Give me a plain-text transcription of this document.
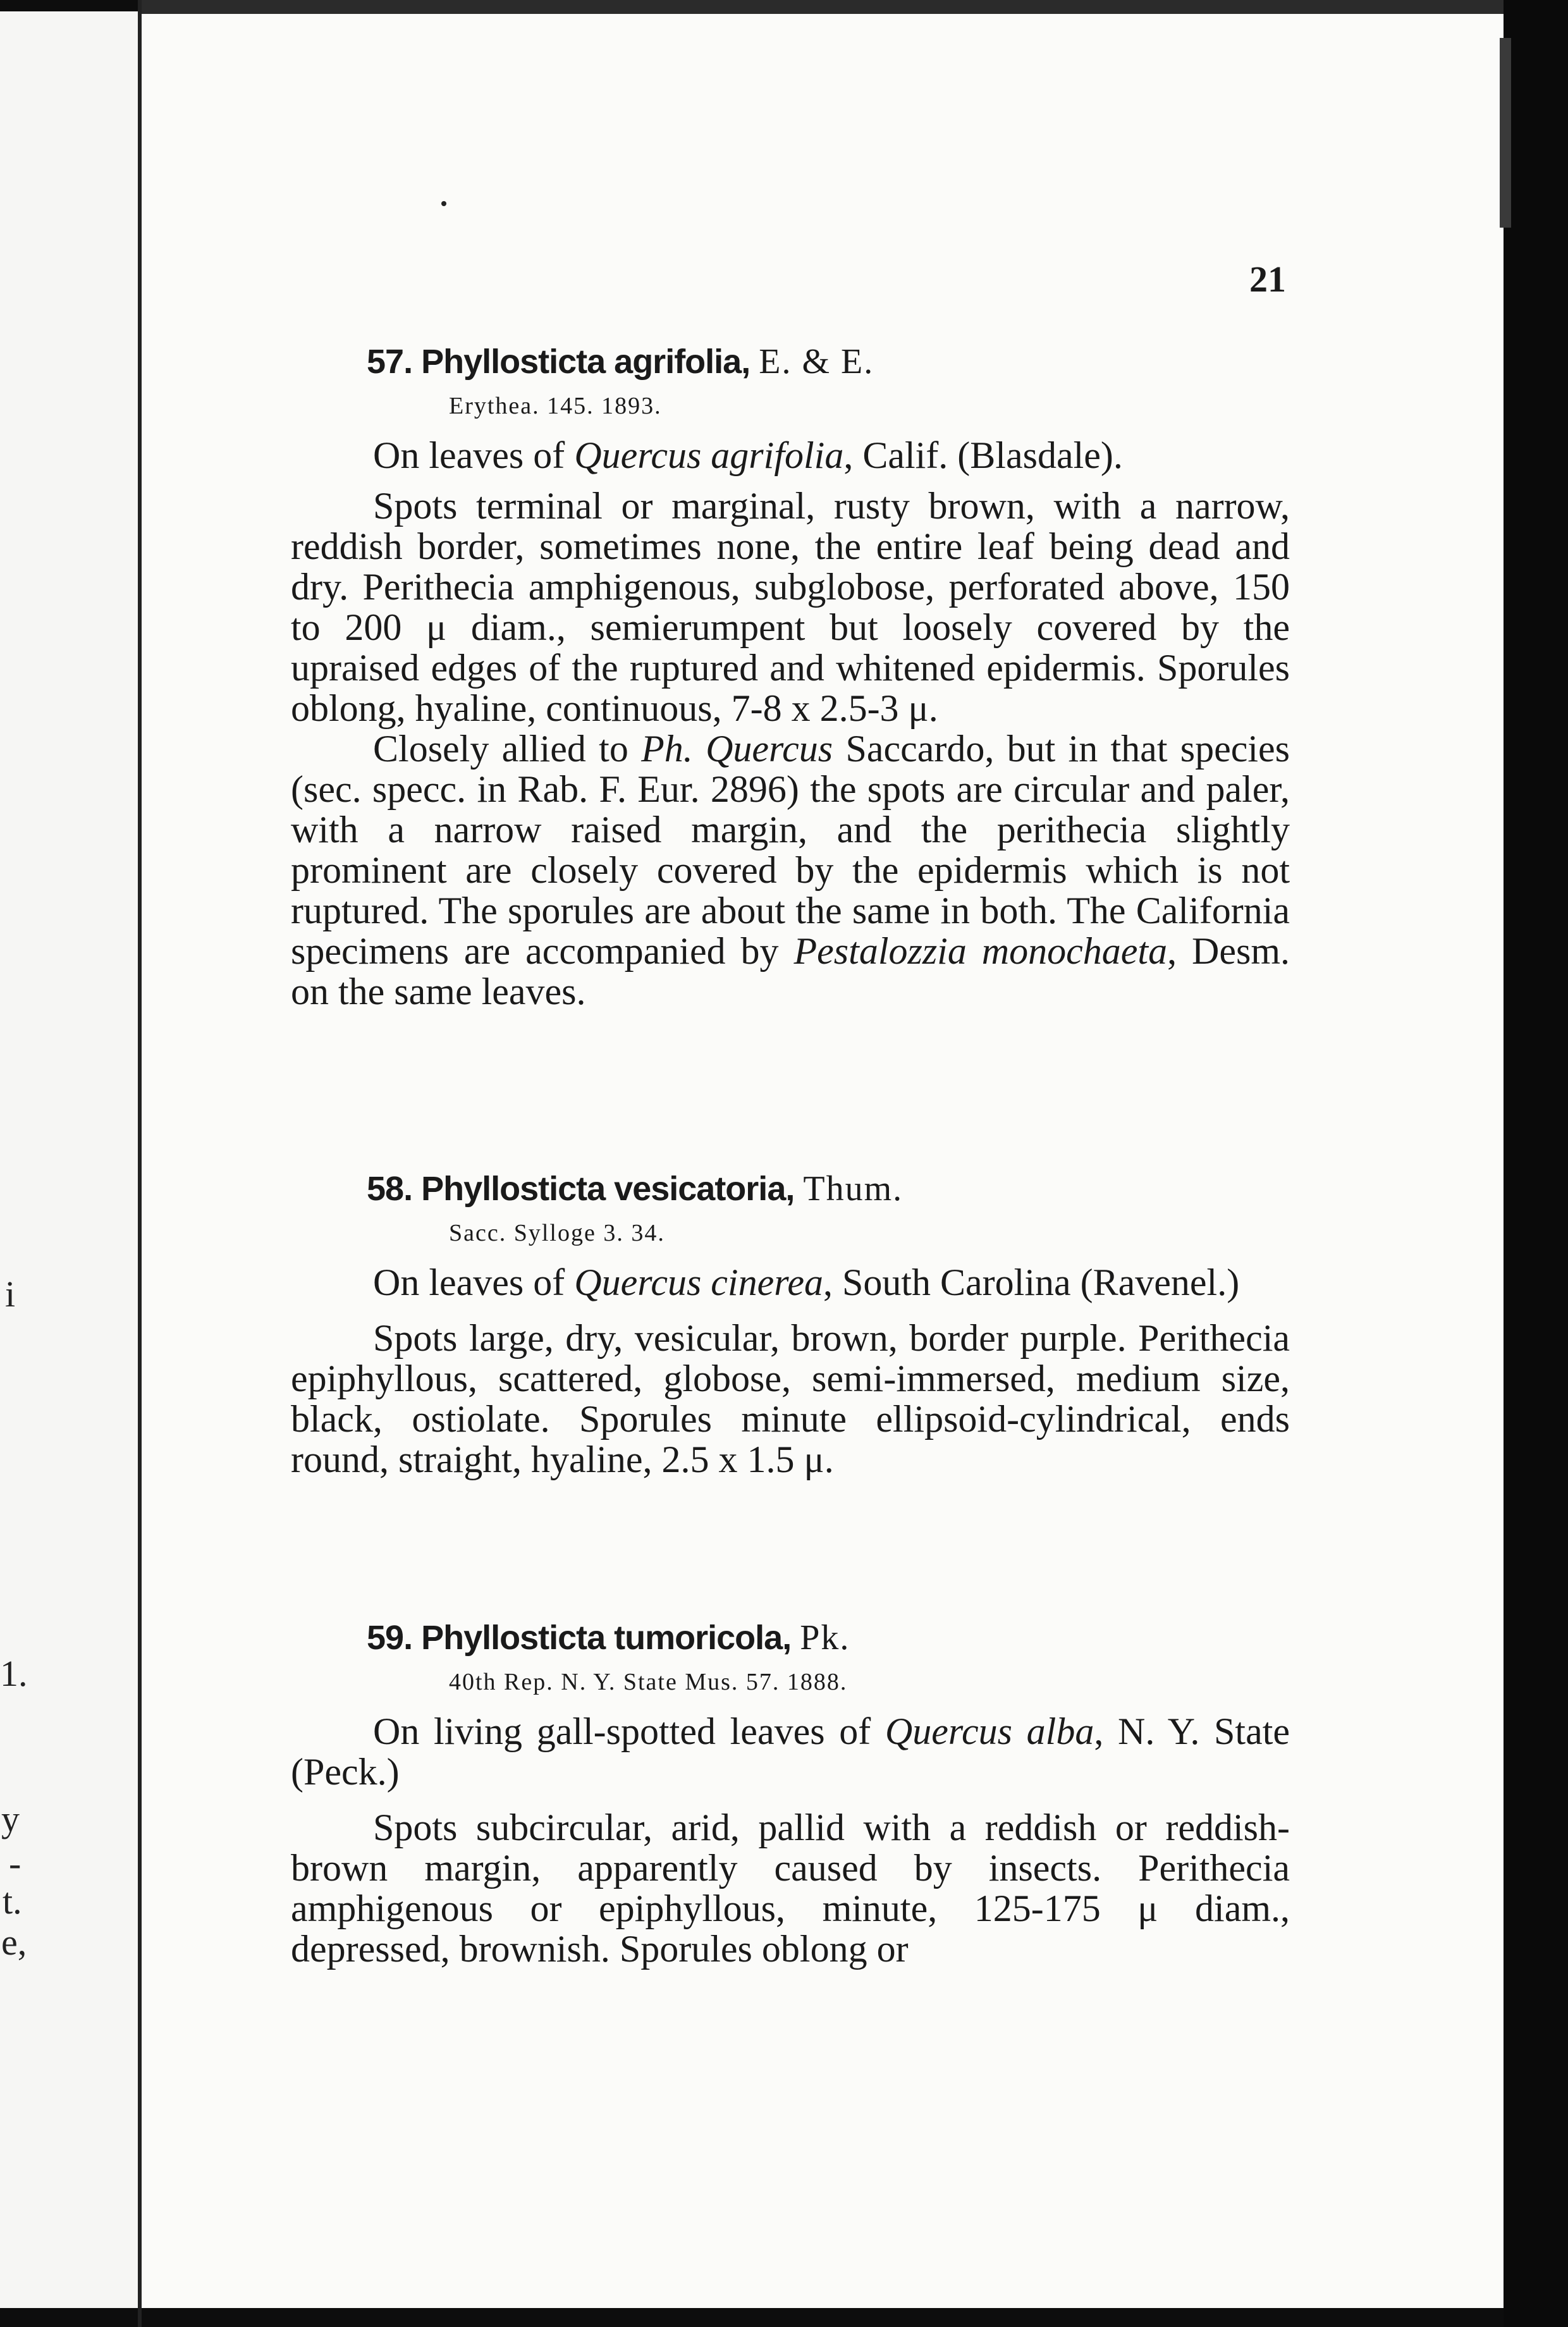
i
1.
y
-
t.
e,
21

57. Phyllosticta agrifolia, E. & E.

Erythea. 145. 1893.

On leaves of Quercus agrifolia, Calif. (Blasdale).

Spots terminal or marginal, rusty brown, with a narrow, reddish border, sometimes none, the entire leaf being dead and dry. Perithecia amphigenous, subglobose, perforated above, 150 to 200 μ diam., semierumpent but loosely covered by the upraised edges of the ruptured and whitened epidermis. Sporules oblong, hyaline, continuous, 7-8 x 2.5-3 μ.

Closely allied to Ph. Quercus Saccardo, but in that species (sec. specc. in Rab. F. Eur. 2896) the spots are circular and paler, with a narrow raised margin, and the perithecia slightly prominent are closely covered by the epidermis which is not ruptured. The sporules are about the same in both. The California specimens are accompanied by Pestalozzia monochaeta, Desm. on the same leaves.

58. Phyllosticta vesicatoria, Thum.

Sacc. Sylloge 3. 34.

On leaves of Quercus cinerea, South Carolina (Ravenel.)

Spots large, dry, vesicular, brown, border purple. Perithecia epiphyllous, scattered, globose, semi-immersed, medium size, black, ostiolate. Sporules minute ellipsoid-cylindrical, ends round, straight, hyaline, 2.5 x 1.5 μ.

59. Phyllosticta tumoricola, Pk.

40th Rep. N. Y. State Mus. 57. 1888.

On living gall-spotted leaves of Quercus alba, N. Y. State (Peck.)

Spots subcircular, arid, pallid with a reddish or reddish-brown margin, apparently caused by insects. Perithecia amphigenous or epiphyllous, minute, 125-175 μ diam., depressed, brownish. Sporules oblong or
